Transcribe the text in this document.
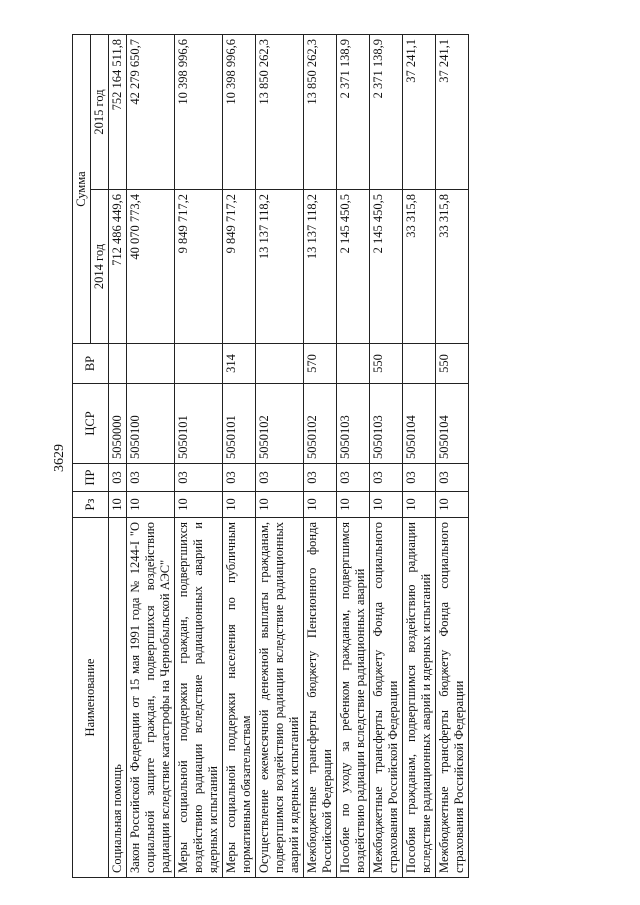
3629
Наименование	Рз	ПР	ЦСР	ВР	Сумма	
					2014 год	2015 год
Социальная помощь	10	03	5050000		712 486 449,6	752 164 511,8
Закон Российской Федерации от 15 мая 1991 года № 1244-I "О социальной защите граждан, подвергшихся воздействию радиации вследствие катастрофы на Чернобыльской АЭС"	10	03	5050100		40 070 773,4	42 279 650,7
Меры социальной поддержки граждан, подвергшихся воздействию радиации вследствие радиационных аварий и ядерных испытаний	10	03	5050101		9 849 717,2	10 398 996,6
Меры социальной поддержки населения по публичным нормативным обязательствам	10	03	5050101	314	9 849 717,2	10 398 996,6
Осуществление ежемесячной денежной выплаты гражданам, подвергшимся воздействию радиации вследствие радиационных аварий и ядерных испытаний	10	03	5050102		13 137 118,2	13 850 262,3
Межбюджетные трансферты бюджету Пенсионного фонда Российской Федерации	10	03	5050102	570	13 137 118,2	13 850 262,3
Пособие по уходу за ребенком гражданам, подвергшимся воздействию радиации вследствие радиационных аварий	10	03	5050103		2 145 450,5	2 371 138,9
Межбюджетные трансферты бюджету Фонда социального страхования Российской Федерации	10	03	5050103	550	2 145 450,5	2 371 138,9
Пособия гражданам, подвергшимся воздействию радиации вследствие радиационных аварий и ядерных испытаний	10	03	5050104		33 315,8	37 241,1
Межбюджетные трансферты бюджету Фонда социального страхования Российской Федерации	10	03	5050104	550	33 315,8	37 241,1
